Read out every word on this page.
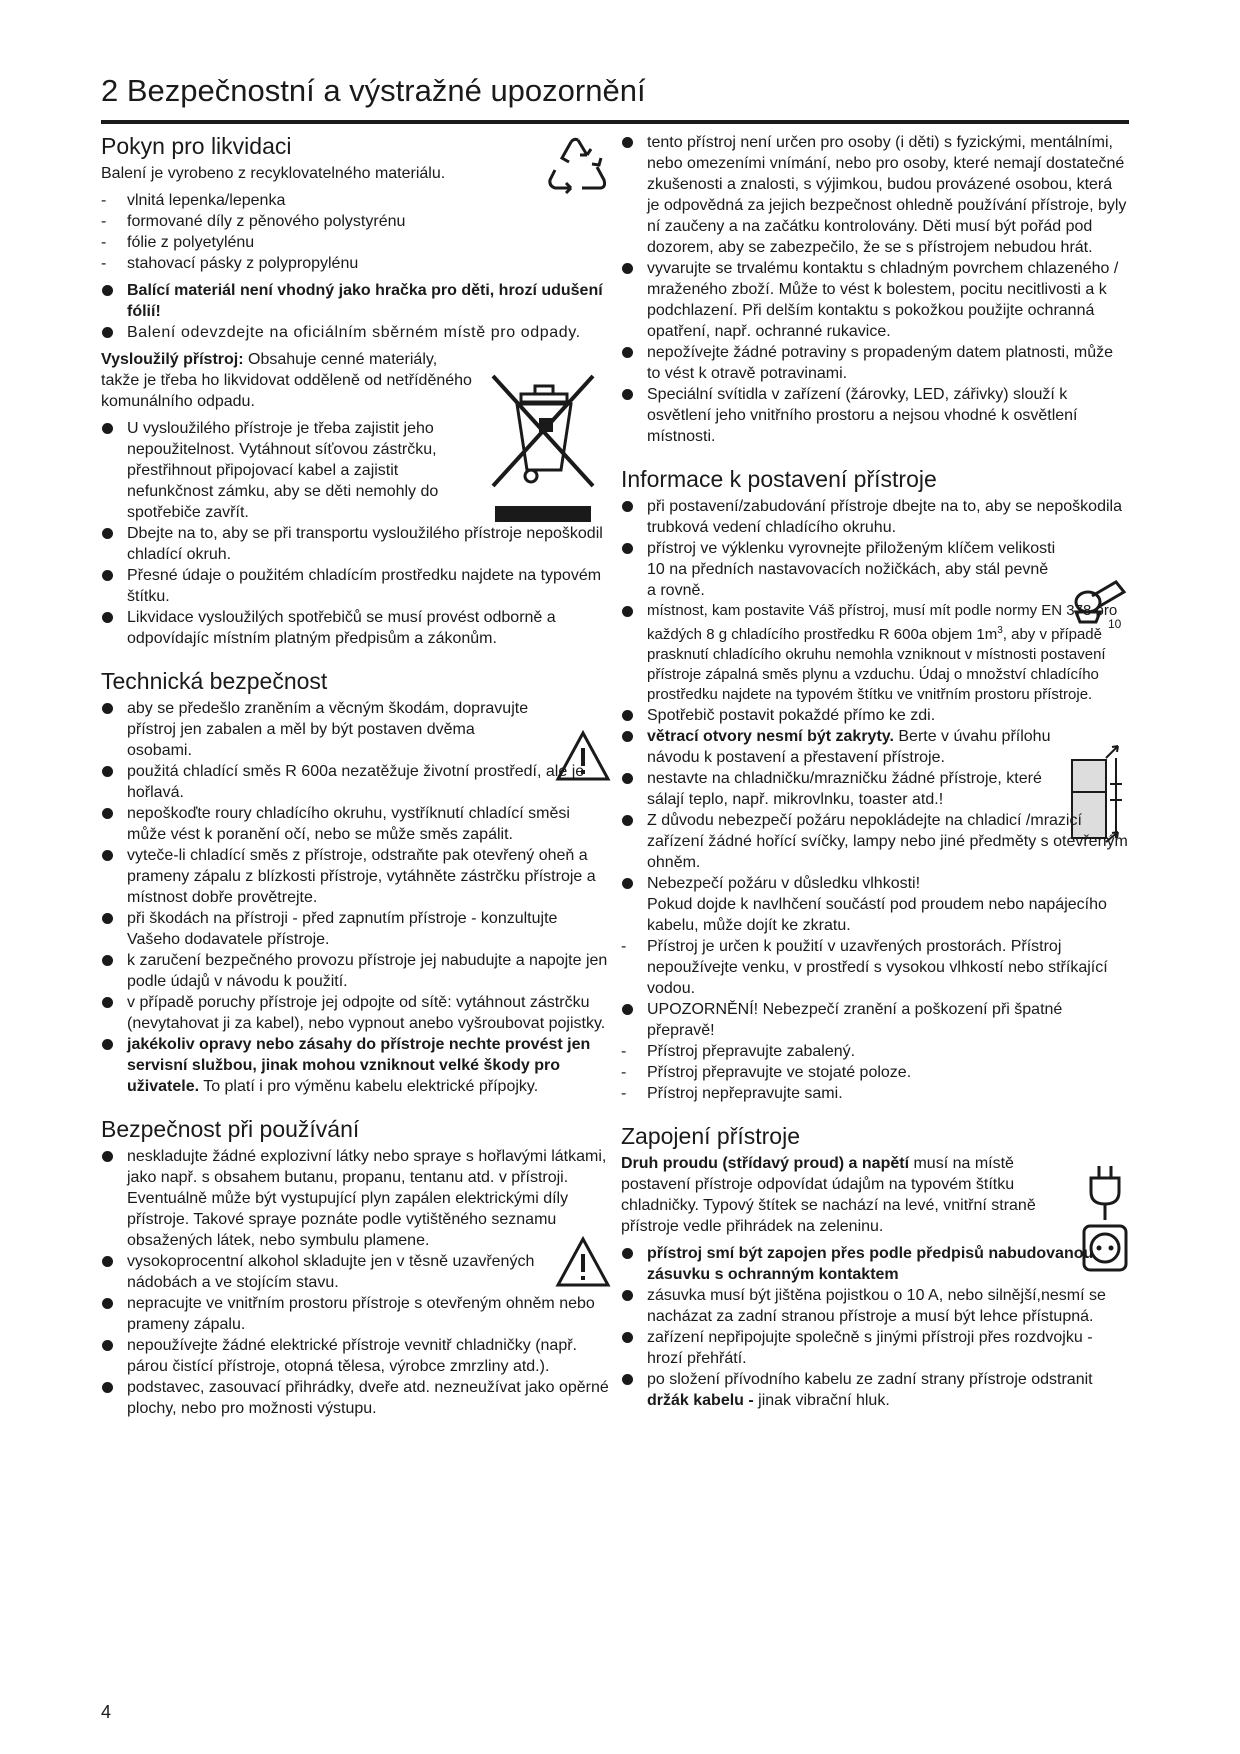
2 Bezpečnostní a výstražné upozornění
10
Pokyn pro likvidaci

Balení je vyrobeno z recyklovatelného materiálu.

- vlnitá lepenka/lepenka
- formované díly z pěnového polystyrénu
- fólie z polyetylénu
- stahovací pásky z polypropylénu
Balící materiál není vhodný jako hračka pro děti, hrozí udušení fólií!
Balení odevzdejte na oficiálním sběrném místě pro odpady.

Vysloužilý přístroj: Obsahuje cenné materiály, takže je třeba ho likvidovat odděleně od netříděného komunálního odpadu.

U vysloužilého přístroje je třeba zajistit jeho nepoužitelnost. Vytáhnout síťovou zástrčku, přestřihnout připojovací kabel a zajistit nefunkčnost zámku, aby se děti nemohly do spotřebiče zavřít.
Dbejte na to, aby se při transportu vysloužilého přístroje nepoškodil chladící okruh.
Přesné údaje o použitém chladícím prostředku najdete na typovém štítku.
Likvidace vysloužilých spotřebičů se musí provést odborně a odpovídajíc místním platným předpisům a zákonům.
Technická bezpečnost
aby se předešlo zraněním a věcným škodám, dopravujte přístroj jen zabalen a měl by být postaven dvěma osobami.
použitá chladící směs R 600a nezatěžuje životní prostředí, ale je hořlavá.
nepoškoďte roury chladícího okruhu, vystříknutí chladící směsi může vést k poranění očí, nebo se může směs zapálit.
vyteče-li chladící směs z přístroje, odstraňte pak otevřený oheň a prameny zápalu z blízkosti přístroje, vytáhněte zástrčku přístroje a místnost dobře provětrejte.
při škodách na přístroji - před zapnutím přístroje - konzultujte Vašeho dodavatele přístroje.
k zaručení bezpečného provozu přístroje jej nabudujte a napojte jen podle údajů v návodu k použití.
v případě poruchy přístroje jej odpojte od sítě: vytáhnout zástrčku (nevytahovat ji za kabel), nebo vypnout anebo vyšroubovat pojistky.
jakékoliv opravy nebo zásahy do přístroje nechte provést jen servisní službou, jinak mohou vzniknout velké škody pro uživatele. To platí i pro výměnu kabelu elektrické přípojky.
Bezpečnost při používání
neskladujte žádné explozivní látky nebo spraye s hořlavými látkami, jako např. s obsahem butanu, propanu, tentanu atd. v přístroji. Eventuálně může být vystupující plyn zapálen elektrickými díly přístroje. Takové spraye poznáte podle vytištěného seznamu obsažených látek, nebo symbulu plamene.
vysokoprocentní alkohol skladujte jen v těsně uzavřených nádobách a ve stojícím stavu.
nepracujte ve vnitřním prostoru přístroje s otevřeným ohněm nebo prameny zápalu.
nepoužívejte žádné elektrické přístroje vevnitř chladničky (např. párou čistící přístroje, otopná tělesa, výrobce zmrzliny atd.).
podstavec, zasouvací přihrádky, dveře atd. nezneužívat jako opěrné plochy, nebo pro možnosti výstupu.
tento přístroj není určen pro osoby (i děti) s fyzickými, mentálními, nebo omezeními vnímání, nebo pro osoby, které nemají dostatečné zkušenosti a znalosti, s výjimkou, budou provázené osobou, která je odpovědná za jejich bezpečnost ohledně používání přístroje, byly ní zaučeny a na začátku kontrolovány. Děti musí být pořád pod dozorem, aby se zabezpečilo, že se s přístrojem nebudou hrát.
vyvarujte se trvalému kontaktu s chladným povrchem chlazeného / mraženého zboží. Může to vést k bolestem, pocitu necitlivosti a k podchlazení. Při delším kontaktu s pokožkou použijte ochranná opatření, např. ochranné rukavice.
nepožívejte žádné potraviny s propadeným datem platnosti, může to vést k otravě potravinami.
Speciální svítidla v zařízení (žárovky, LED, zářivky) slouží k osvětlení jeho vnitřního prostoru a nejsou vhodné k osvětlení místnosti.
Informace k postavení přístroje
při postavení/zabudování přístroje dbejte na to, aby se nepoškodila trubková vedení chladícího okruhu.
přístroj ve výklenku vyrovnejte přiloženým klíčem velikosti 10 na předních nastavovacích nožičkách, aby stál pevně a rovně.
místnost, kam postavite Váš přístroj, musí mít podle normy EN 378 pro každých 8 g chladícího prostředku R 600a objem $1m^3$, aby v případě prasknutí chladícího okruhu nemohla vzniknout v místnosti postavení přístroje zápalná směs plynu a vzduchu. Údaj o množství chladícího prostředku najdete na typovém štítku ve vnitřním prostoru přístroje.
Spotřebič postavit pokaždé přímo ke zdi.
větrací otvory nesmí být zakryty. Berte v úvahu přílohu návodu k postavení a přestavení přístroje.
nestavte na chladničku/mrazničku žádné přístroje, které sálají teplo, např. mikrovlnku, toaster atd.!
Z důvodu nebezpečí požáru nepokládejte na chladicí /mrazicí zařízení žádné hořící svíčky, lampy nebo jiné předměty s otevřeným ohněm.
Nebezpečí požáru v důsledku vlhkosti!
Pokud dojde k navlhčení součástí pod proudem nebo napájecího kabelu, může dojít ke zkratu.
- Přístroj je určen k použití v uzavřených prostorách. Přístroj nepoužívejte venku, v prostředí s vysokou vlhkostí nebo stříkající vodou.
UPOZORNĚNÍ! Nebezpečí zranění a poškození při špatné přepravě!
- Přístroj přepravujte zabalený.
- Přístroj přepravujte ve stojaté poloze.
- Přístroj nepřepravujte sami.
Zapojení přístroje

Druh proudu (střídavý proud) a napětí musí na místě postavení přístroje odpovídat údajům na typovém štítku chladničky. Typový štítek se nachází na levé, vnitřní straně přístroje vedle přihrádek na zeleninu.

přístroj smí být zapojen přes podle předpisů nabudovanou zásuvku s ochranným kontaktem
zásuvka musí být jištěna pojistkou o 10 A, nebo silnější,nesmí se nacházat za zadní stranou přístroje a musí být lehce přístupná.
zařízení nepřipojujte společně s jinými přístroji přes rozdvojku - hrozí přehřátí.
po složení přívodního kabelu ze zadní strany přístroje odstranit držák kabelu - jinak vibrační hluk.

4
